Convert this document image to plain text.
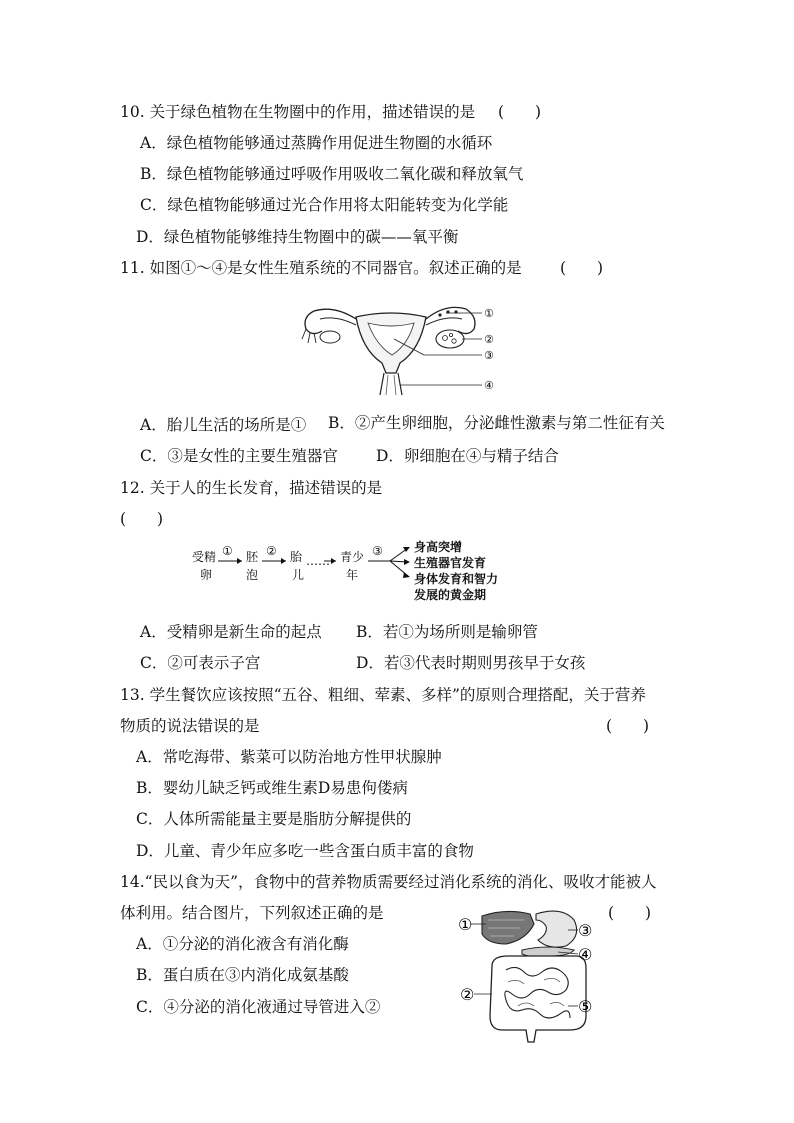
10. 关于绿色植物在生物圈中的作用，描述错误的是 (　　)
A．绿色植物能够通过蒸腾作用促进生物圈的水循环
B．绿色植物能够通过呼吸作用吸收二氧化碳和释放氧气
C．绿色植物能够通过光合作用将太阳能转变为化学能
D．绿色植物能够维持生物圈中的碳——氧平衡
11. 如图①～④是女性生殖系统的不同器官。叙述正确的是 (　　)
①
②
③
④
A．胎儿生活的场所是① B．②产生卵细胞，分泌雌性激素与第二性征有关
C．③是女性的主要生殖器官 D．卵细胞在④与精子结合
12. 关于人的生长发育，描述错误的是
(　　)
受精
卵
① 胚
泡
② 胎
儿
…… 青少
年
③	身高突增
生殖器官发育
身体发育和智力
发展的黄金期
A．受精卵是新生命的起点 B．若①为场所则是输卵管
C．②可表示子宫	D．若③代表时期则男孩早于女孩
13. 学生餐饮应该按照“五谷、粗细、荤素、多样”的原则合理搭配，关于营养
物质的说法错误的是	(　　)
A．常吃海带、紫菜可以防治地方性甲状腺肿
B．婴幼儿缺乏钙或维生素D易患佝偻病
C．人体所需能量主要是脂肪分解提供的
D．儿童、青少年应多吃一些含蛋白质丰富的食物
14.“民以食为天”，食物中的营养物质需要经过消化系统的消化、吸收才能被人
体利用。结合图片，下列叙述正确的是	(　　)
A．①分泌的消化液含有消化酶
B．蛋白质在③内消化成氨基酸
C．④分泌的消化液通过导管进入②
①
②
③
④
⑤
